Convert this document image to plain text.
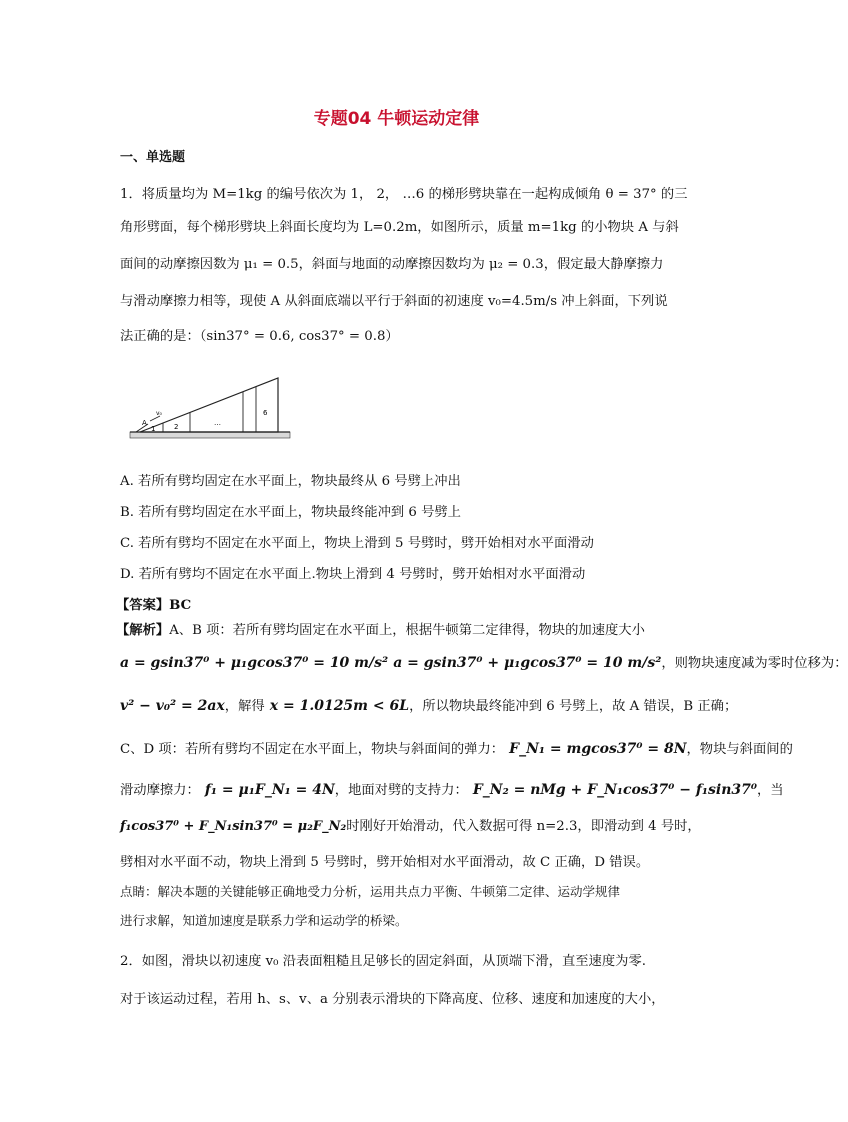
专题04 牛顿运动定律
一、单选题
1．将质量均为 M=1kg 的编号依次为 1， 2， …6 的梯形劈块靠在一起构成倾角 θ = 37° 的三
角形劈面，每个梯形劈块上斜面长度均为 L=0.2m，如图所示，质量 m=1kg 的小物块 A 与斜
面间的动摩擦因数为 μ₁ = 0.5，斜面与地面的动摩擦因数均为 μ₂ = 0.3，假定最大静摩擦力
与滑动摩擦力相等，现使 A 从斜面底端以平行于斜面的初速度 v₀=4.5m/s 冲上斜面，下列说
法正确的是：（sin37° = 0.6, cos37° = 0.8）
A
v₀
1	2	…
6
A. 若所有劈均固定在水平面上，物块最终从 6 号劈上冲出
B. 若所有劈均固定在水平面上，物块最终能冲到 6 号劈上
C. 若所有劈均不固定在水平面上，物块上滑到 5 号劈时，劈开始相对水平面滑动
D. 若所有劈均不固定在水平面上.物块上滑到 4 号劈时，劈开始相对水平面滑动
【答案】BC
【解析】A、B 项：若所有劈均固定在水平面上，根据牛顿第二定律得，物块的加速度大小
a = gsin37⁰ + μ₁gcos37⁰ = 10 m/s² a = gsin37⁰ + μ₁gcos37⁰ = 10 m/s²，则物块速度减为零时位移为：
v² − v₀² = 2ax，解得 x = 1.0125m < 6L，所以物块最终能冲到 6 号劈上，故 A 错误，B 正确；
C、D 项：若所有劈均不固定在水平面上，物块与斜面间的弹力： F_N₁ = mgcos37⁰ = 8N，物块与斜面间的
滑动摩擦力： f₁ = μ₁F_N₁ = 4N，地面对劈的支持力： F_N₂ = nMg + F_N₁cos37⁰ − f₁sin37⁰，当
f₁cos37⁰ + F_N₁sin37⁰ = μ₂F_N₂时刚好开始滑动，代入数据可得 n=2.3，即滑动到 4 号时，
劈相对水平面不动，物块上滑到 5 号劈时，劈开始相对水平面滑动，故 C 正确，D 错误。
点睛：解决本题的关键能够正确地受力分析，运用共点力平衡、牛顿第二定律、运动学规律
进行求解，知道加速度是联系力学和运动学的桥梁。
2．如图，滑块以初速度 v₀ 沿表面粗糙且足够长的固定斜面，从顶端下滑，直至速度为零.
对于该运动过程，若用 h、s、v、a 分别表示滑块的下降高度、位移、速度和加速度的大小，
